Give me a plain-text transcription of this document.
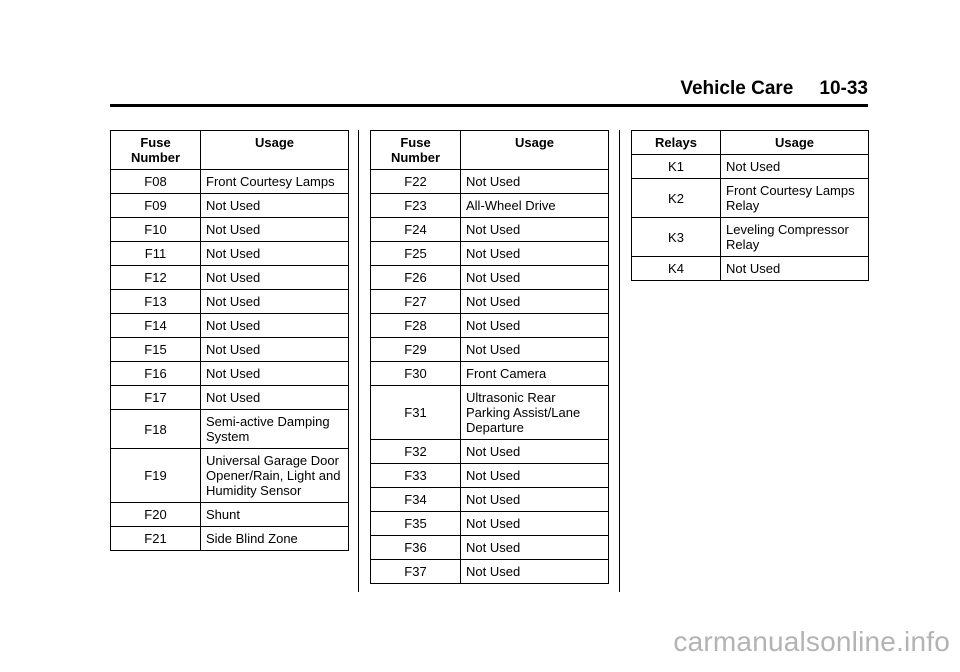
Vehicle Care 10-33
Fuse
Number	Usage
F08	Front Courtesy Lamps
F09	Not Used
F10	Not Used
F11	Not Used
F12	Not Used
F13	Not Used
F14	Not Used
F15	Not Used
F16	Not Used
F17	Not Used
F18	Semi-active Damping System
F19	Universal Garage Door Opener/Rain, Light and Humidity Sensor
F20	Shunt
F21	Side Blind Zone
Fuse
Number	Usage
F22	Not Used
F23	All-Wheel Drive
F24	Not Used
F25	Not Used
F26	Not Used
F27	Not Used
F28	Not Used
F29	Not Used
F30	Front Camera
F31	Ultrasonic Rear Parking Assist/Lane Departure
F32	Not Used
F33	Not Used
F34	Not Used
F35	Not Used
F36	Not Used
F37	Not Used
Relays	Usage
K1	Not Used
K2	Front Courtesy Lamps Relay
K3	Leveling Compressor Relay
K4	Not Used
carmanualsonline.info
